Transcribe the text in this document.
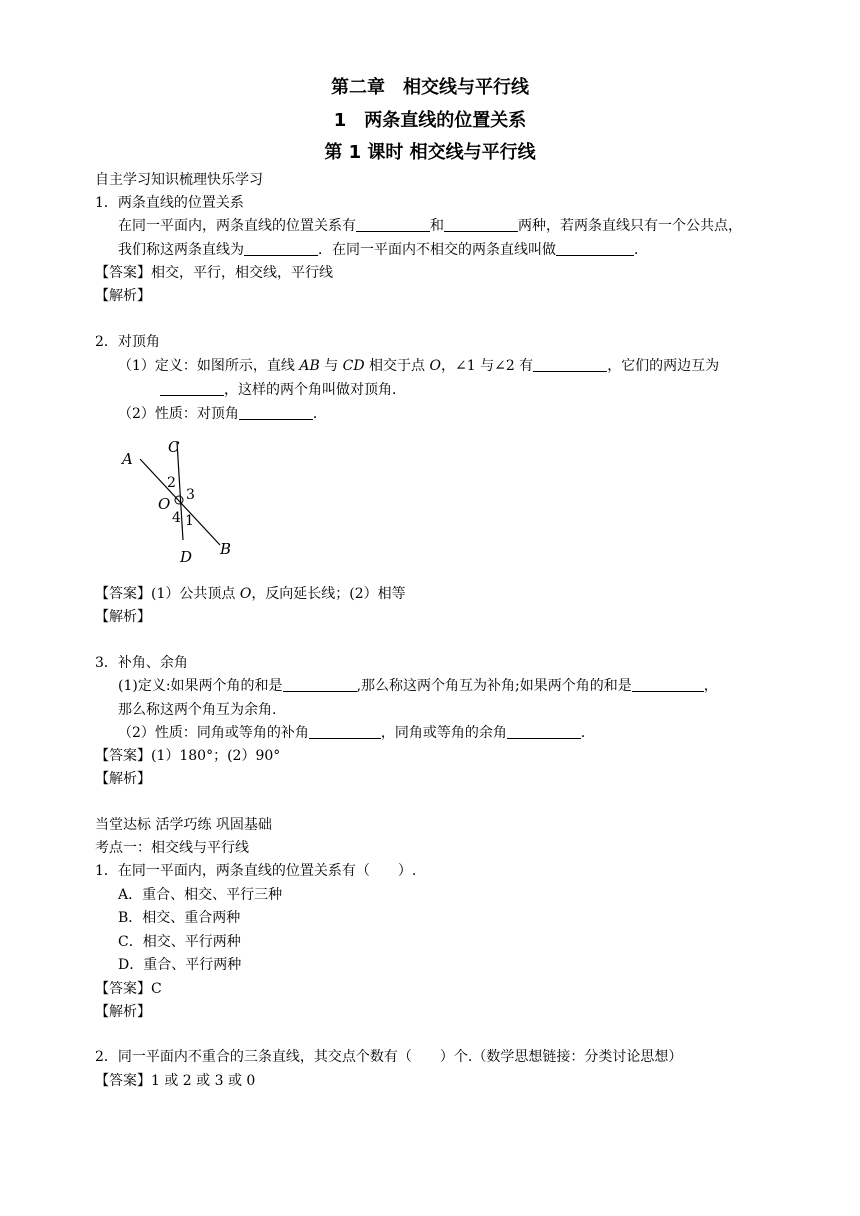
第二章　相交线与平行线
1　两条直线的位置关系
第 1 课时 相交线与平行线
自主学习知识梳理快乐学习
1．两条直线的位置关系
在同一平面内，两条直线的位置关系有	和	两种，若两条直线只有一个公共点，
我们称这两条直线为	．在同一平面内不相交的两条直线叫做	．
【答案】相交，平行，相交线，平行线
【解析】
2．对顶角
（1）定义：如图所示，直线 AB 与 CD 相交于点 O，∠1 与∠2 有	，它们的两边互为
，这样的两个角叫做对顶角．
（2）性质：对顶角	．
A
C
B
D
O
2
3
4 1
【答案】(1）公共顶点 O，反向延长线；(2）相等
【解析】
3．补角、余角
(1)定义:如果两个角的和是	,那么称这两个角互为补角;如果两个角的和是	，
那么称这两个角互为余角.
（2）性质：同角或等角的补角	，同角或等角的余角	．
【答案】(1）180°；(2）90°
【解析】
当堂达标 活学巧练 巩固基础
考点一：相交线与平行线
1．在同一平面内，两条直线的位置关系有（　　）.
A．重合、相交、平行三种
B．相交、重合两种
C．相交、平行两种
D．重合、平行两种
【答案】C
【解析】
2．同一平面内不重合的三条直线，其交点个数有（　　）个.（数学思想链接：分类讨论思想）
【答案】1 或 2 或 3 或 0
